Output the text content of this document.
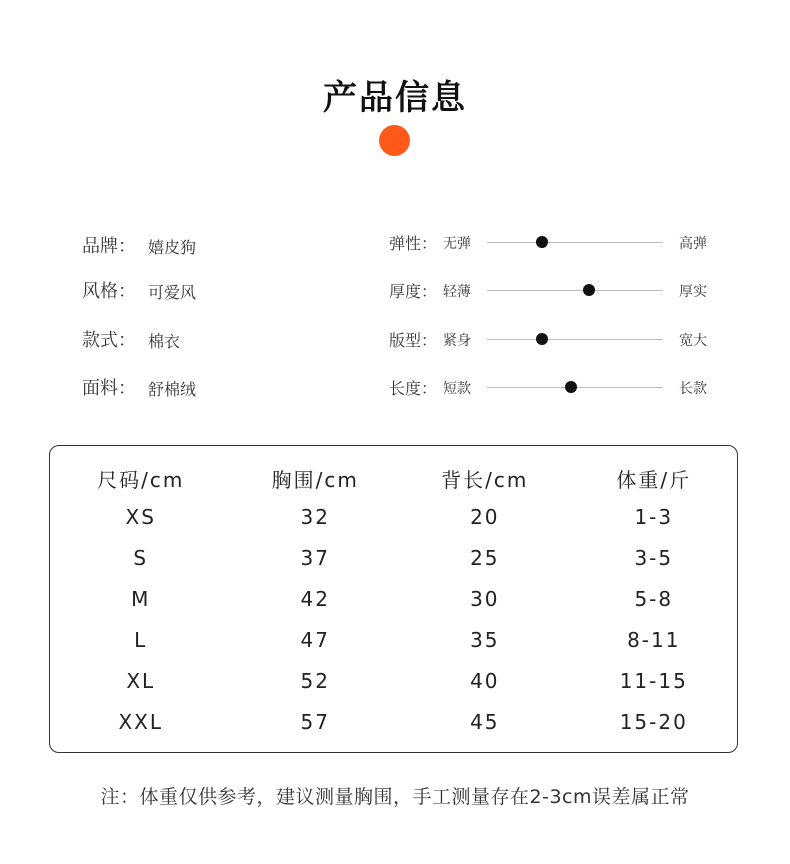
产品信息
品牌： 嬉皮狗
风格： 可爱风
款式： 棉衣
面料： 舒棉绒
弹性： 无弹	高弹
厚度： 轻薄	厚实
版型： 紧身	宽大
长度： 短款	长款
尺码/cm	胸围/cm	背长/cm	体重/斤
XS	32	20	1-3
S	37	25	3-5
M	42	30	5-8
L	47	35	8-11
XL	52	40	11-15
XXL	57	45	15-20
注：体重仅供参考，建议测量胸围，手工测量存在2-3cm误差属正常
